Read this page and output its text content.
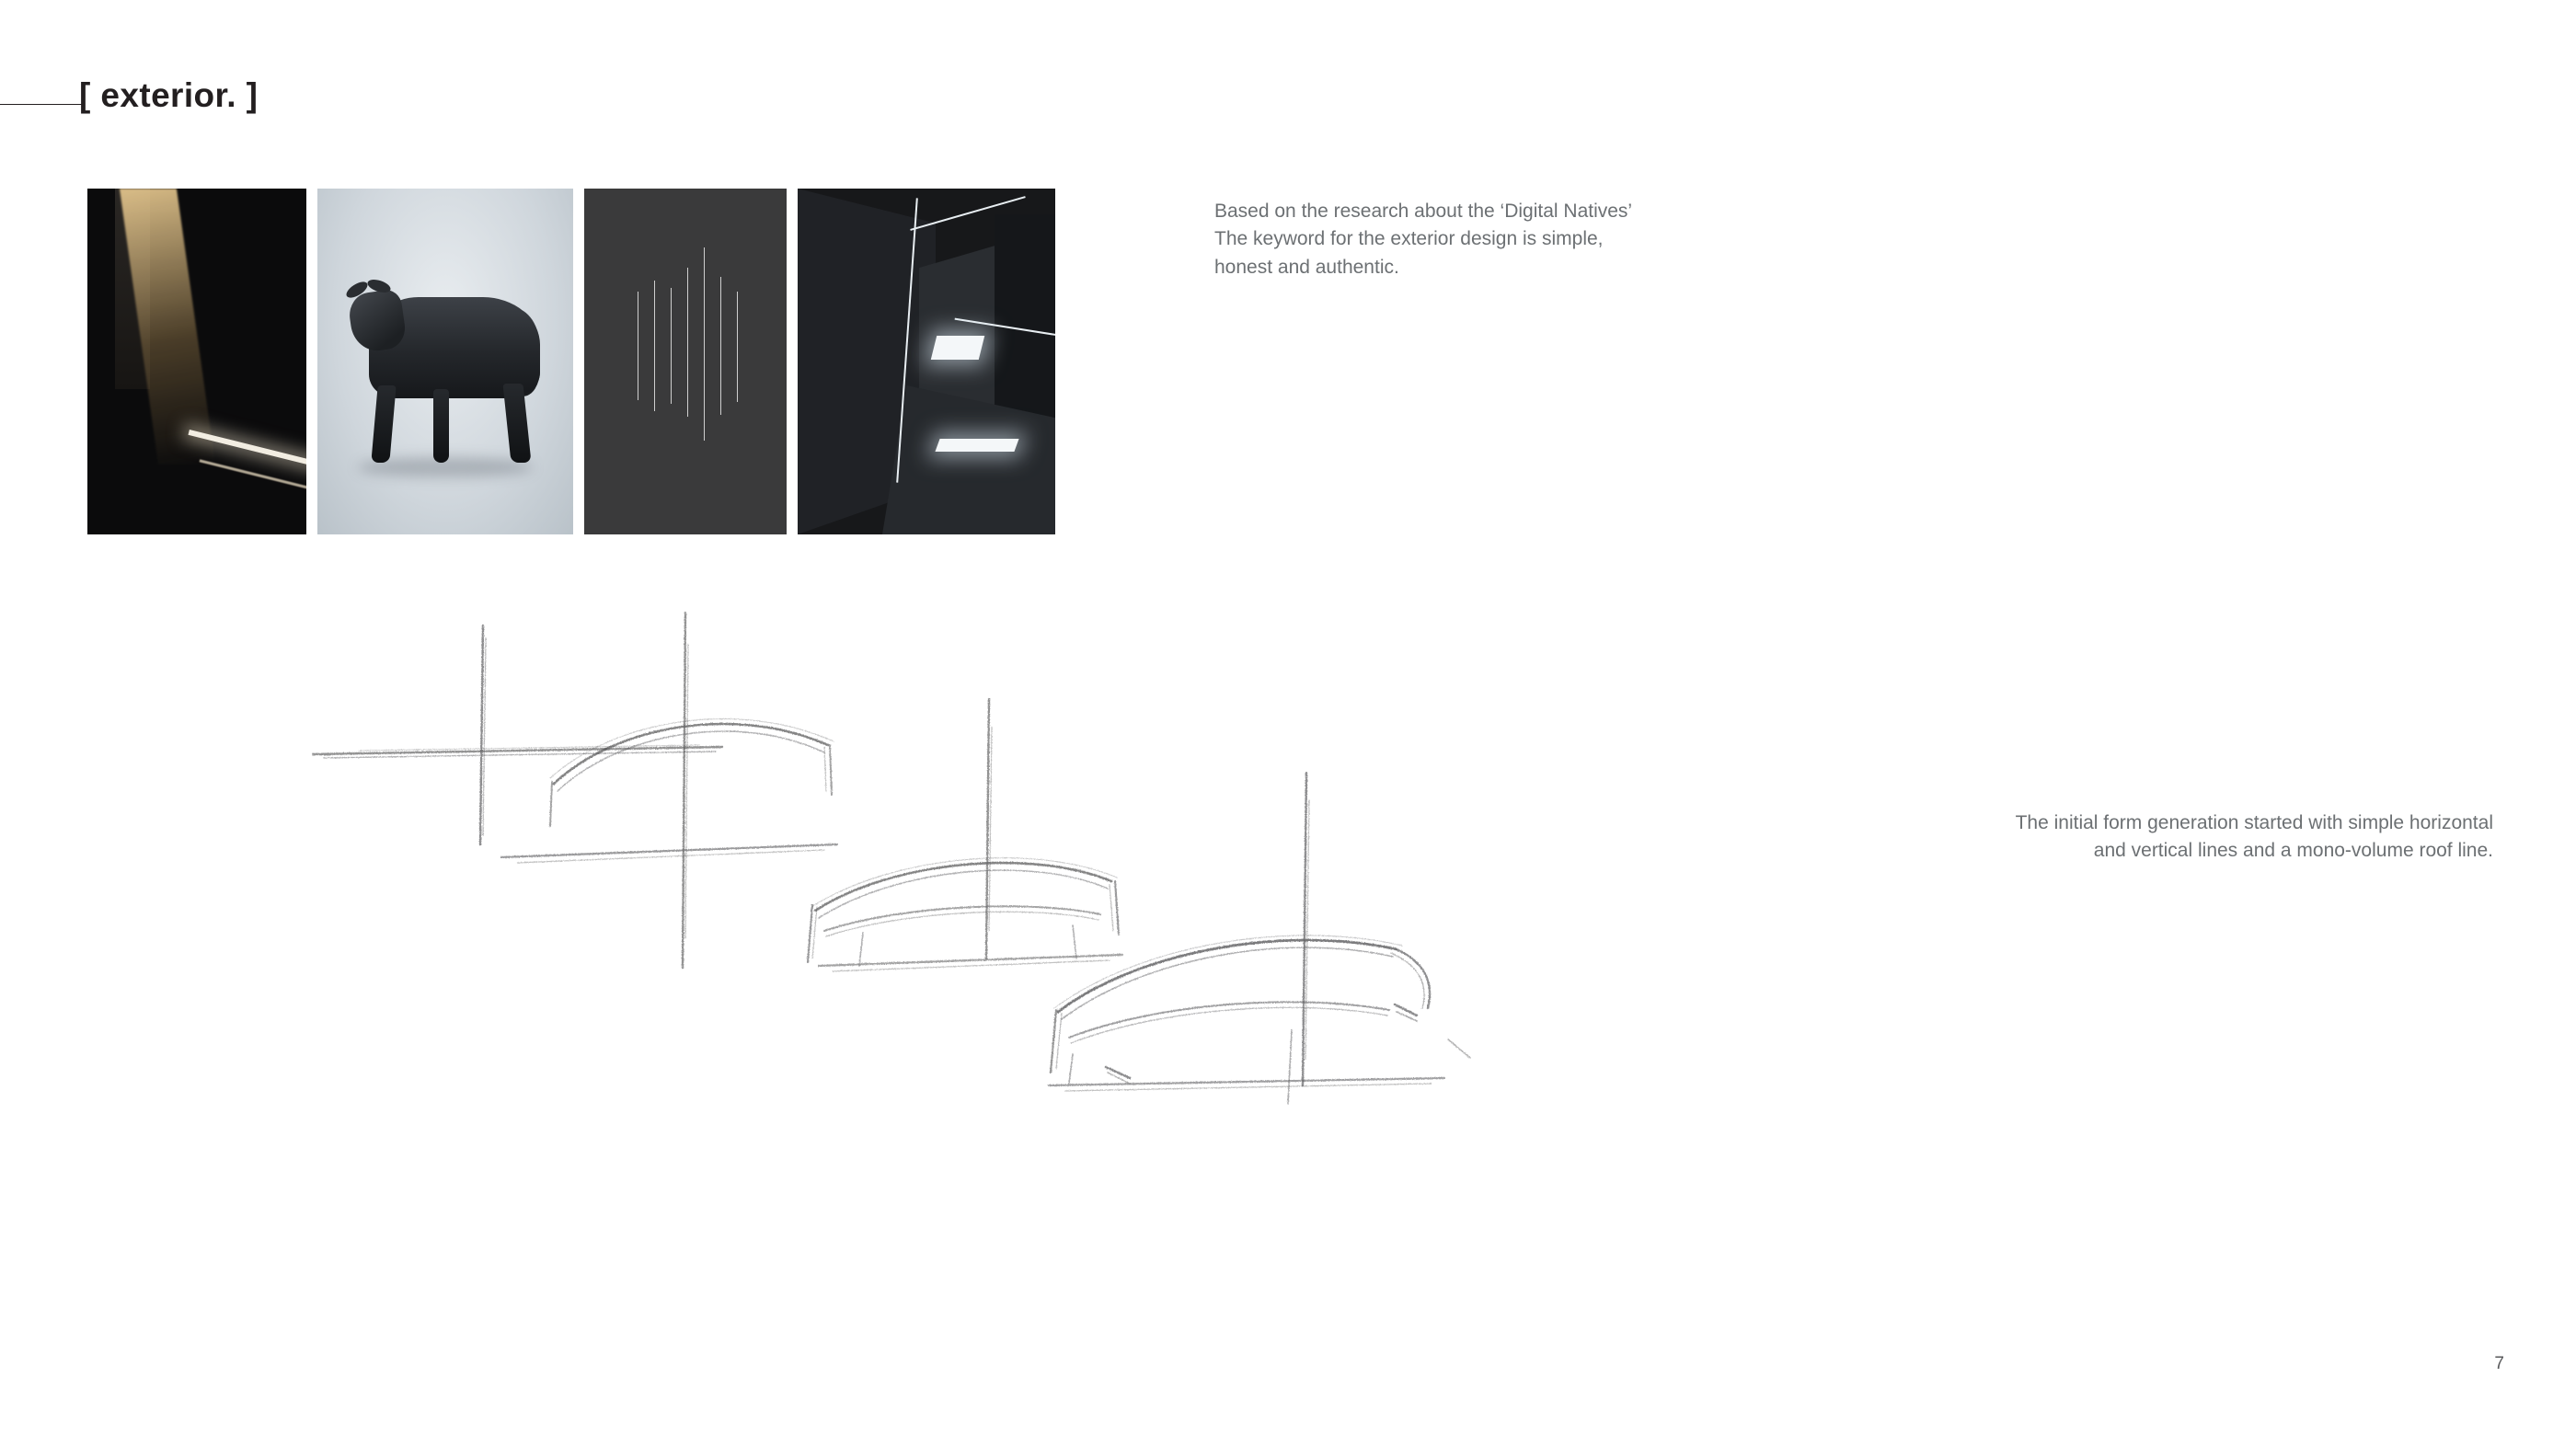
[ exterior. ]
Based on the research about the ‘Digital Natives’ The keyword for the exterior design is simple, honest and authentic.
The initial form generation started with simple horizontal and vertical lines and a mono-volume roof line.
7
